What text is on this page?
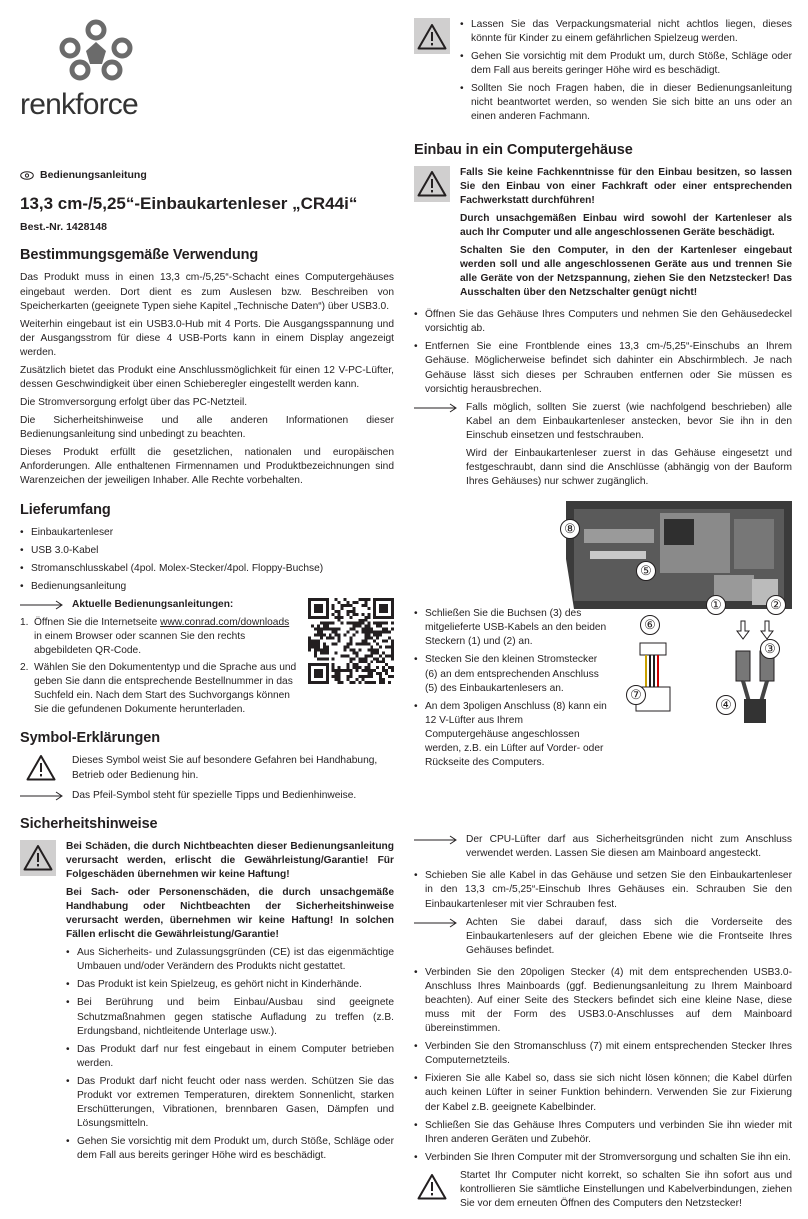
renkforce
Bedienungsanleitung
13,3 cm-/5,25“-Einbaukartenleser „CR44i“
Best.-Nr. 1428148
Bestimmungsgemäße Verwendung

Das Produkt muss in einen 13,3 cm-/5,25“-Schacht eines Computergehäuses eingebaut werden. Dort dient es zum Auslesen bzw. Beschreiben von Speicherkarten (geeignete Typen siehe Kapitel „Technische Daten“) über USB3.0.

Weiterhin eingebaut ist ein USB3.0-Hub mit 4 Ports. Die Ausgangsspannung und der Ausgangsstrom für diese 4 USB-Ports kann in einem Display angezeigt werden.

Zusätzlich bietet das Produkt eine Anschlussmöglichkeit für einen 12 V-PC-Lüfter, dessen Geschwindigkeit über einen Schieberegler eingestellt werden kann.

Die Stromversorgung erfolgt über das PC-Netzteil.

Die Sicherheitshinweise und alle anderen Informationen dieser Bedienungsanleitung sind unbedingt zu beachten.

Dieses Produkt erfüllt die gesetzlichen, nationalen und europäischen Anforderungen. Alle enthaltenen Firmennamen und Produktbezeichnungen sind Warenzeichen der jeweiligen Inhaber. Alle Rechte vorbehalten.

Lieferumfang
• Einbaukartenleser
• USB 3.0-Kabel
• Stromanschlusskabel (4pol. Molex-Stecker/4pol. Floppy-Buchse)
• Bedienungsanleitung
Aktuelle Bedienungsanleitungen:
1. Öffnen Sie die Internetseite www.conrad.com/downloads in einem Browser oder scannen Sie den rechts abgebildeten QR-Code.
2. Wählen Sie den Dokumententyp und die Sprache aus und geben Sie dann die entsprechende Bestellnummer in das Suchfeld ein. Nach dem Start des Suchvorgangs können Sie die gefundenen Dokumente herunterladen.
Symbol-Erklärungen
Dieses Symbol weist Sie auf besondere Gefahren bei Handhabung, Betrieb oder Bedienung hin.
Das Pfeil-Symbol steht für spezielle Tipps und Bedienhinweise.
Sicherheitshinweise

Bei Schäden, die durch Nichtbeachten dieser Bedienungsanleitung verursacht werden, erlischt die Gewährleistung/Garantie! Für Folgeschäden übernehmen wir keine Haftung!

Bei Sach- oder Personenschäden, die durch unsachgemäße Handhabung oder Nichtbeachten der Sicherheitshinweise verursacht werden, übernehmen wir keine Haftung! In solchen Fällen erlischt die Gewährleistung/Garantie!

• Aus Sicherheits- und Zulassungsgründen (CE) ist das eigenmächtige Umbauen und/oder Verändern des Produkts nicht gestattet.
• Das Produkt ist kein Spielzeug, es gehört nicht in Kinderhände.
• Bei Berührung und beim Einbau/Ausbau sind geeignete Schutzmaßnahmen gegen statische Aufladung zu treffen (z.B. Erdungsband, nichtleitende Unterlage usw.).
• Das Produkt darf nur fest eingebaut in einem Computer betrieben werden.
• Das Produkt darf nicht feucht oder nass werden. Schützen Sie das Produkt vor extremen Temperaturen, direktem Sonnenlicht, starken Erschütterungen, Vibrationen, brennbaren Gasen, Dämpfen und Lösungsmitteln.
• Gehen Sie vorsichtig mit dem Produkt um, durch Stöße, Schläge oder dem Fall aus bereits geringer Höhe wird es beschädigt.
• Lassen Sie das Verpackungsmaterial nicht achtlos liegen, dieses könnte für Kinder zu einem gefährlichen Spielzeug werden.
• Gehen Sie vorsichtig mit dem Produkt um, durch Stöße, Schläge oder dem Fall aus bereits geringer Höhe wird es beschädigt.
• Sollten Sie noch Fragen haben, die in dieser Bedienungsanleitung nicht beantwortet werden, so wenden Sie sich bitte an uns oder an einen anderen Fachmann.
Einbau in ein Computergehäuse

Falls Sie keine Fachkenntnisse für den Einbau besitzen, so lassen Sie den Einbau von einer Fachkraft oder einer entsprechenden Fachwerkstatt durchführen!

Durch unsachgemäßen Einbau wird sowohl der Kartenleser als auch Ihr Computer und alle angeschlossenen Geräte beschädigt.

Schalten Sie den Computer, in den der Kartenleser eingebaut werden soll und alle angeschlossenen Geräte aus und trennen Sie alle Geräte von der Netzspannung, ziehen Sie den Netzstecker! Das Ausschalten über den Netzschalter genügt nicht!

• Öffnen Sie das Gehäuse Ihres Computers und nehmen Sie den Gehäusedeckel vorsichtig ab.
• Entfernen Sie eine Frontblende eines 13,3 cm-/5,25“-Einschubs an Ihrem Gehäuse. Möglicherweise befindet sich dahinter ein Abschirmblech. Je nach Gehäuse lässt sich dieses per Schrauben entfernen oder Sie müssen es vorsichtig herausbrechen.

Falls möglich, sollten Sie zuerst (wie nachfolgend beschrieben) alle Kabel an dem Einbaukartenleser anstecken, bevor Sie ihn in den Einschub einsetzen und festschrauben.

Wird der Einbaukartenleser zuerst in das Gehäuse eingesetzt und festgeschraubt, dann sind die Anschlüsse (abhängig von der Bauform Ihres Gehäuses) nur schwer zugänglich.

⑧
⑤
①	②
⑥
③
⑦
④
• Schließen Sie die Buchsen (3) des mitgelieferte USB-Kabels an den beiden Steckern (1) und (2) an.
• Stecken Sie den kleinen Stromstecker (6) an dem entsprechenden Anschluss (5) des Einbaukartenlesers an.
• An dem 3poligen Anschluss (8) kann ein 12 V-Lüfter aus Ihrem Computergehäuse angeschlossen werden, z.B. ein Lüfter auf Vorder- oder Rückseite des Computers.

Der CPU-Lüfter darf aus Sicherheitsgründen nicht zum Anschluss verwendet werden. Lassen Sie diesen am Mainboard angesteckt.

• Schieben Sie alle Kabel in das Gehäuse und setzen Sie den Einbaukartenleser in den 13,3 cm-/5,25“-Einschub Ihres Gehäuses ein. Schrauben Sie den Einbaukartenleser mit vier Schrauben fest.

Achten Sie dabei darauf, dass sich die Vorderseite des Einbaukartenlesers auf der gleichen Ebene wie die Frontseite Ihres Gehäuses befindet.

• Verbinden Sie den 20poligen Stecker (4) mit dem entsprechenden USB3.0-Anschluss Ihres Mainboards (ggf. Bedienungsanleitung zu Ihrem Mainboard beachten). Auf einer Seite des Steckers befindet sich eine kleine Nase, diese muss mit der Form des USB3.0-Anschlusses auf dem Mainboard übereinstimmen.
• Verbinden Sie den Stromanschluss (7) mit einem entsprechenden Stecker Ihres Computernetzteils.
• Fixieren Sie alle Kabel so, dass sie sich nicht lösen können; die Kabel dürfen auch keinen Lüfter in seiner Funktion behindern. Verwenden Sie zur Fixierung der Kabel z.B. geeignete Kabelbinder.
• Schließen Sie das Gehäuse Ihres Computers und verbinden Sie ihn wieder mit Ihren anderen Geräten und Zubehör.
• Verbinden Sie Ihren Computer mit der Stromversorgung und schalten Sie ihn ein.

Startet Ihr Computer nicht korrekt, so schalten Sie ihn sofort aus und kontrollieren Sie sämtliche Einstellungen und Kabelverbindungen, ziehen Sie vor dem erneuten Öffnen des Computers den Netzstecker!
